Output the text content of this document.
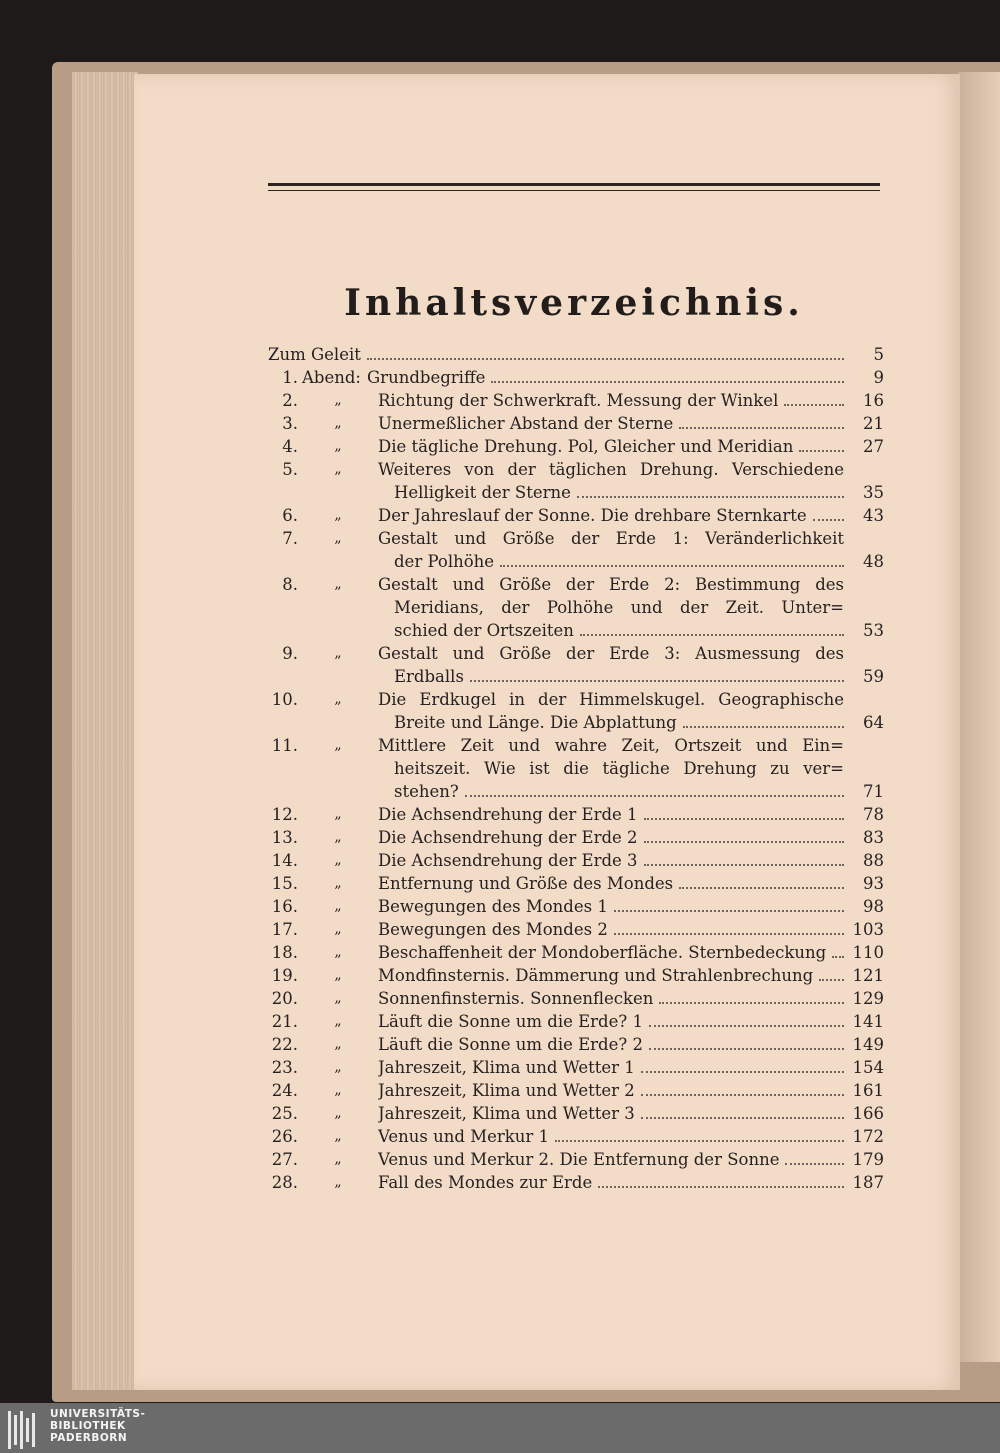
Inhaltsverzeichnis.
Zum Geleit	5
1. Abend: Grundbegriffe	9
2.	„	Richtung der Schwerkraft. Messung der Winkel	16
3.	„	Unermeßlicher Abstand der Sterne	21
4.	„	Die tägliche Drehung. Pol, Gleicher und Meridian	27
5.	„	Weiteres von der täglichen Drehung. Verschiedene
Helligkeit der Sterne	35
6.	„	Der Jahreslauf der Sonne. Die drehbare Sternkarte	43
7.	„	Gestalt und Größe der Erde 1: Veränderlichkeit
der Polhöhe	48
8.	„	Gestalt und Größe der Erde 2: Bestimmung des
Meridians, der Polhöhe und der Zeit. Unter=
schied der Ortszeiten	53
9.	„	Gestalt und Größe der Erde 3: Ausmessung des
Erdballs	59
10.	„	Die Erdkugel in der Himmelskugel. Geographische
Breite und Länge. Die Abplattung	64
11.	„	Mittlere Zeit und wahre Zeit, Ortszeit und Ein=
heitszeit. Wie ist die tägliche Drehung zu ver=
stehen?	71
12.	„	Die Achsendrehung der Erde 1	78
13.	„	Die Achsendrehung der Erde 2	83
14.	„	Die Achsendrehung der Erde 3	88
15.	„	Entfernung und Größe des Mondes	93
16.	„	Bewegungen des Mondes 1	98
17.	„	Bewegungen des Mondes 2	103
18.	„	Beschaffenheit der Mondoberfläche. Sternbedeckung 110
19.	„	Mondfinsternis. Dämmerung und Strahlenbrechung 121
20.	„	Sonnenfinsternis. Sonnenflecken	129
21.	„	Läuft die Sonne um die Erde? 1	141
22.	„	Läuft die Sonne um die Erde? 2	149
23.	„	Jahreszeit, Klima und Wetter 1	154
24.	„	Jahreszeit, Klima und Wetter 2	161
25.	„	Jahreszeit, Klima und Wetter 3	166
26.	„	Venus und Merkur 1	172
27.	„	Venus und Merkur 2. Die Entfernung der Sonne	179
28.	„	Fall des Mondes zur Erde	187
UNIVERSITÄTS-
BIBLIOTHEK
PADERBORN
